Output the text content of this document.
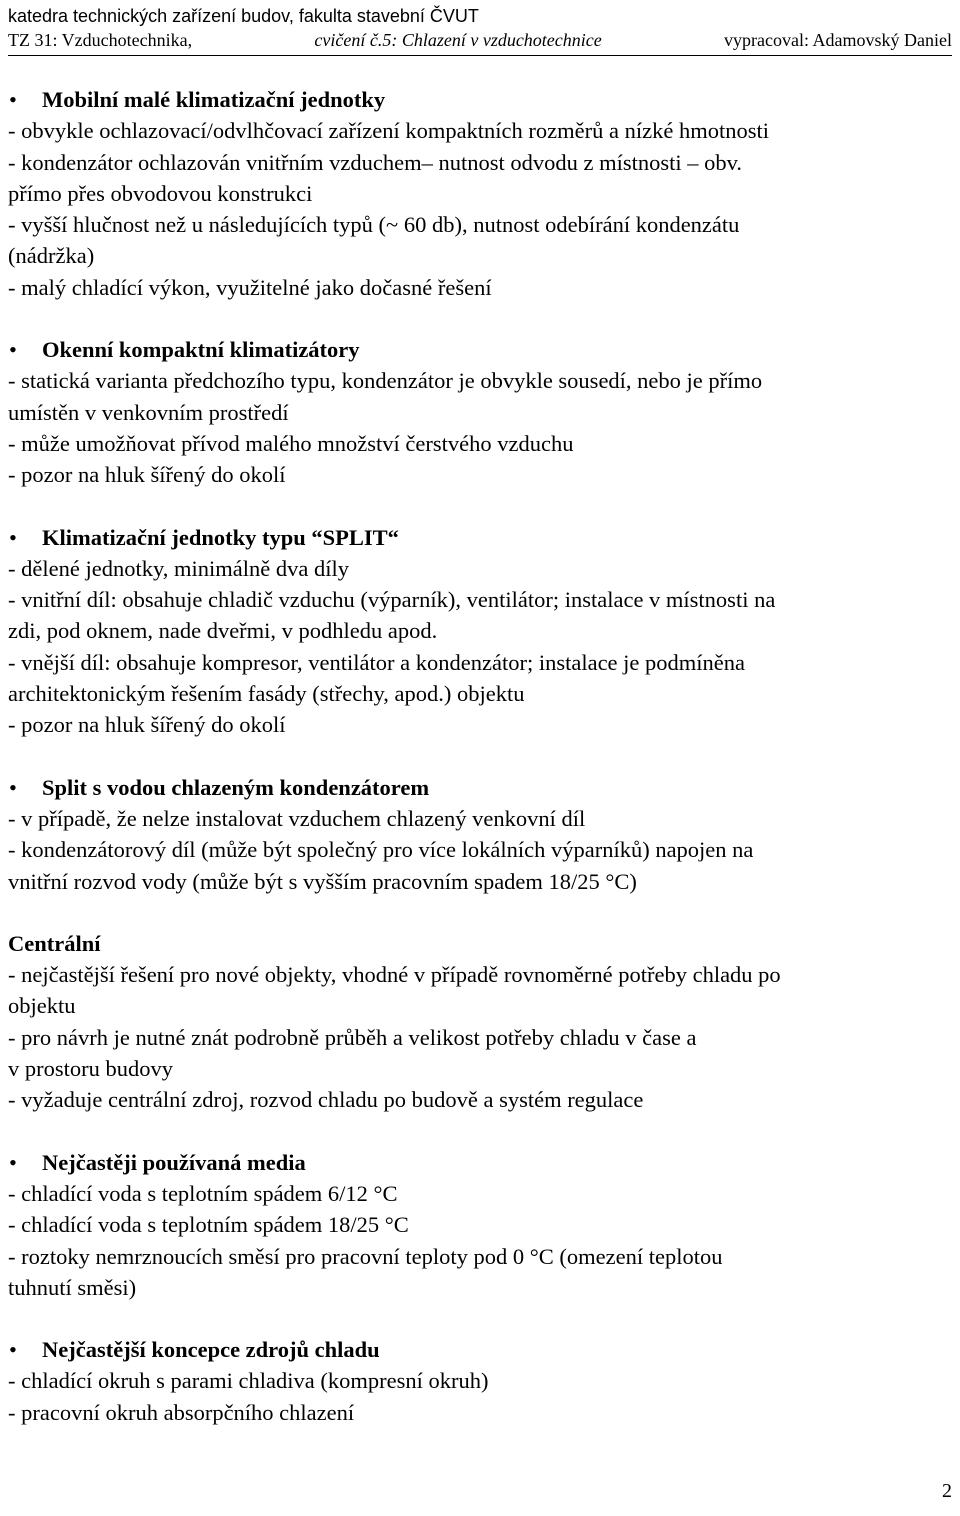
katedra technických zařízení budov, fakulta stavební ČVUT
TZ 31: Vzduchotechnika,	cvičení č.5: Chlazení v vzduchotechnice	vypracoval: Adamovský Daniel
• Mobilní malé klimatizační jednotky
- obvykle ochlazovací/odvlhčovací zařízení kompaktních rozměrů a nízké hmotnosti
- kondenzátor ochlazován vnitřním vzduchem– nutnost odvodu z místnosti – obv.
přímo přes obvodovou konstrukci
- vyšší hlučnost než u následujících typů (~ 60 db), nutnost odebírání kondenzátu
(nádržka)
- malý chladící výkon, využitelné jako dočasné řešení
• Okenní kompaktní klimatizátory
- statická varianta předchozího typu, kondenzátor je obvykle sousedí, nebo je přímo
umístěn v venkovním prostředí
- může umožňovat přívod malého množství čerstvého vzduchu
- pozor na hluk šířený do okolí
• Klimatizační jednotky typu “SPLIT“
- dělené jednotky, minimálně dva díly
- vnitřní díl: obsahuje chladič vzduchu (výparník), ventilátor; instalace v místnosti na
zdi, pod oknem, nade dveřmi, v podhledu apod.
- vnější díl: obsahuje kompresor, ventilátor a kondenzátor; instalace je podmíněna
architektonickým řešením fasády (střechy, apod.) objektu
- pozor na hluk šířený do okolí
• Split s vodou chlazeným kondenzátorem
- v případě, že nelze instalovat vzduchem chlazený venkovní díl
- kondenzátorový díl (může být společný pro více lokálních výparníků) napojen na
vnitřní rozvod vody (může být s vyšším pracovním spadem 18/25 °C)
Centrální
- nejčastější řešení pro nové objekty, vhodné v případě rovnoměrné potřeby chladu po
objektu
- pro návrh je nutné znát podrobně průběh a velikost potřeby chladu v čase a
v prostoru budovy
- vyžaduje centrální zdroj, rozvod chladu po budově a systém regulace
• Nejčastěji používaná media
- chladící voda s teplotním spádem 6/12 °C
- chladící voda s teplotním spádem 18/25 °C
- roztoky nemrznoucích směsí pro pracovní teploty pod 0 °C (omezení teplotou
tuhnutí směsi)
• Nejčastější koncepce zdrojů chladu
- chladící okruh s parami chladiva (kompresní okruh)
- pracovní okruh absorpčního chlazení
2
